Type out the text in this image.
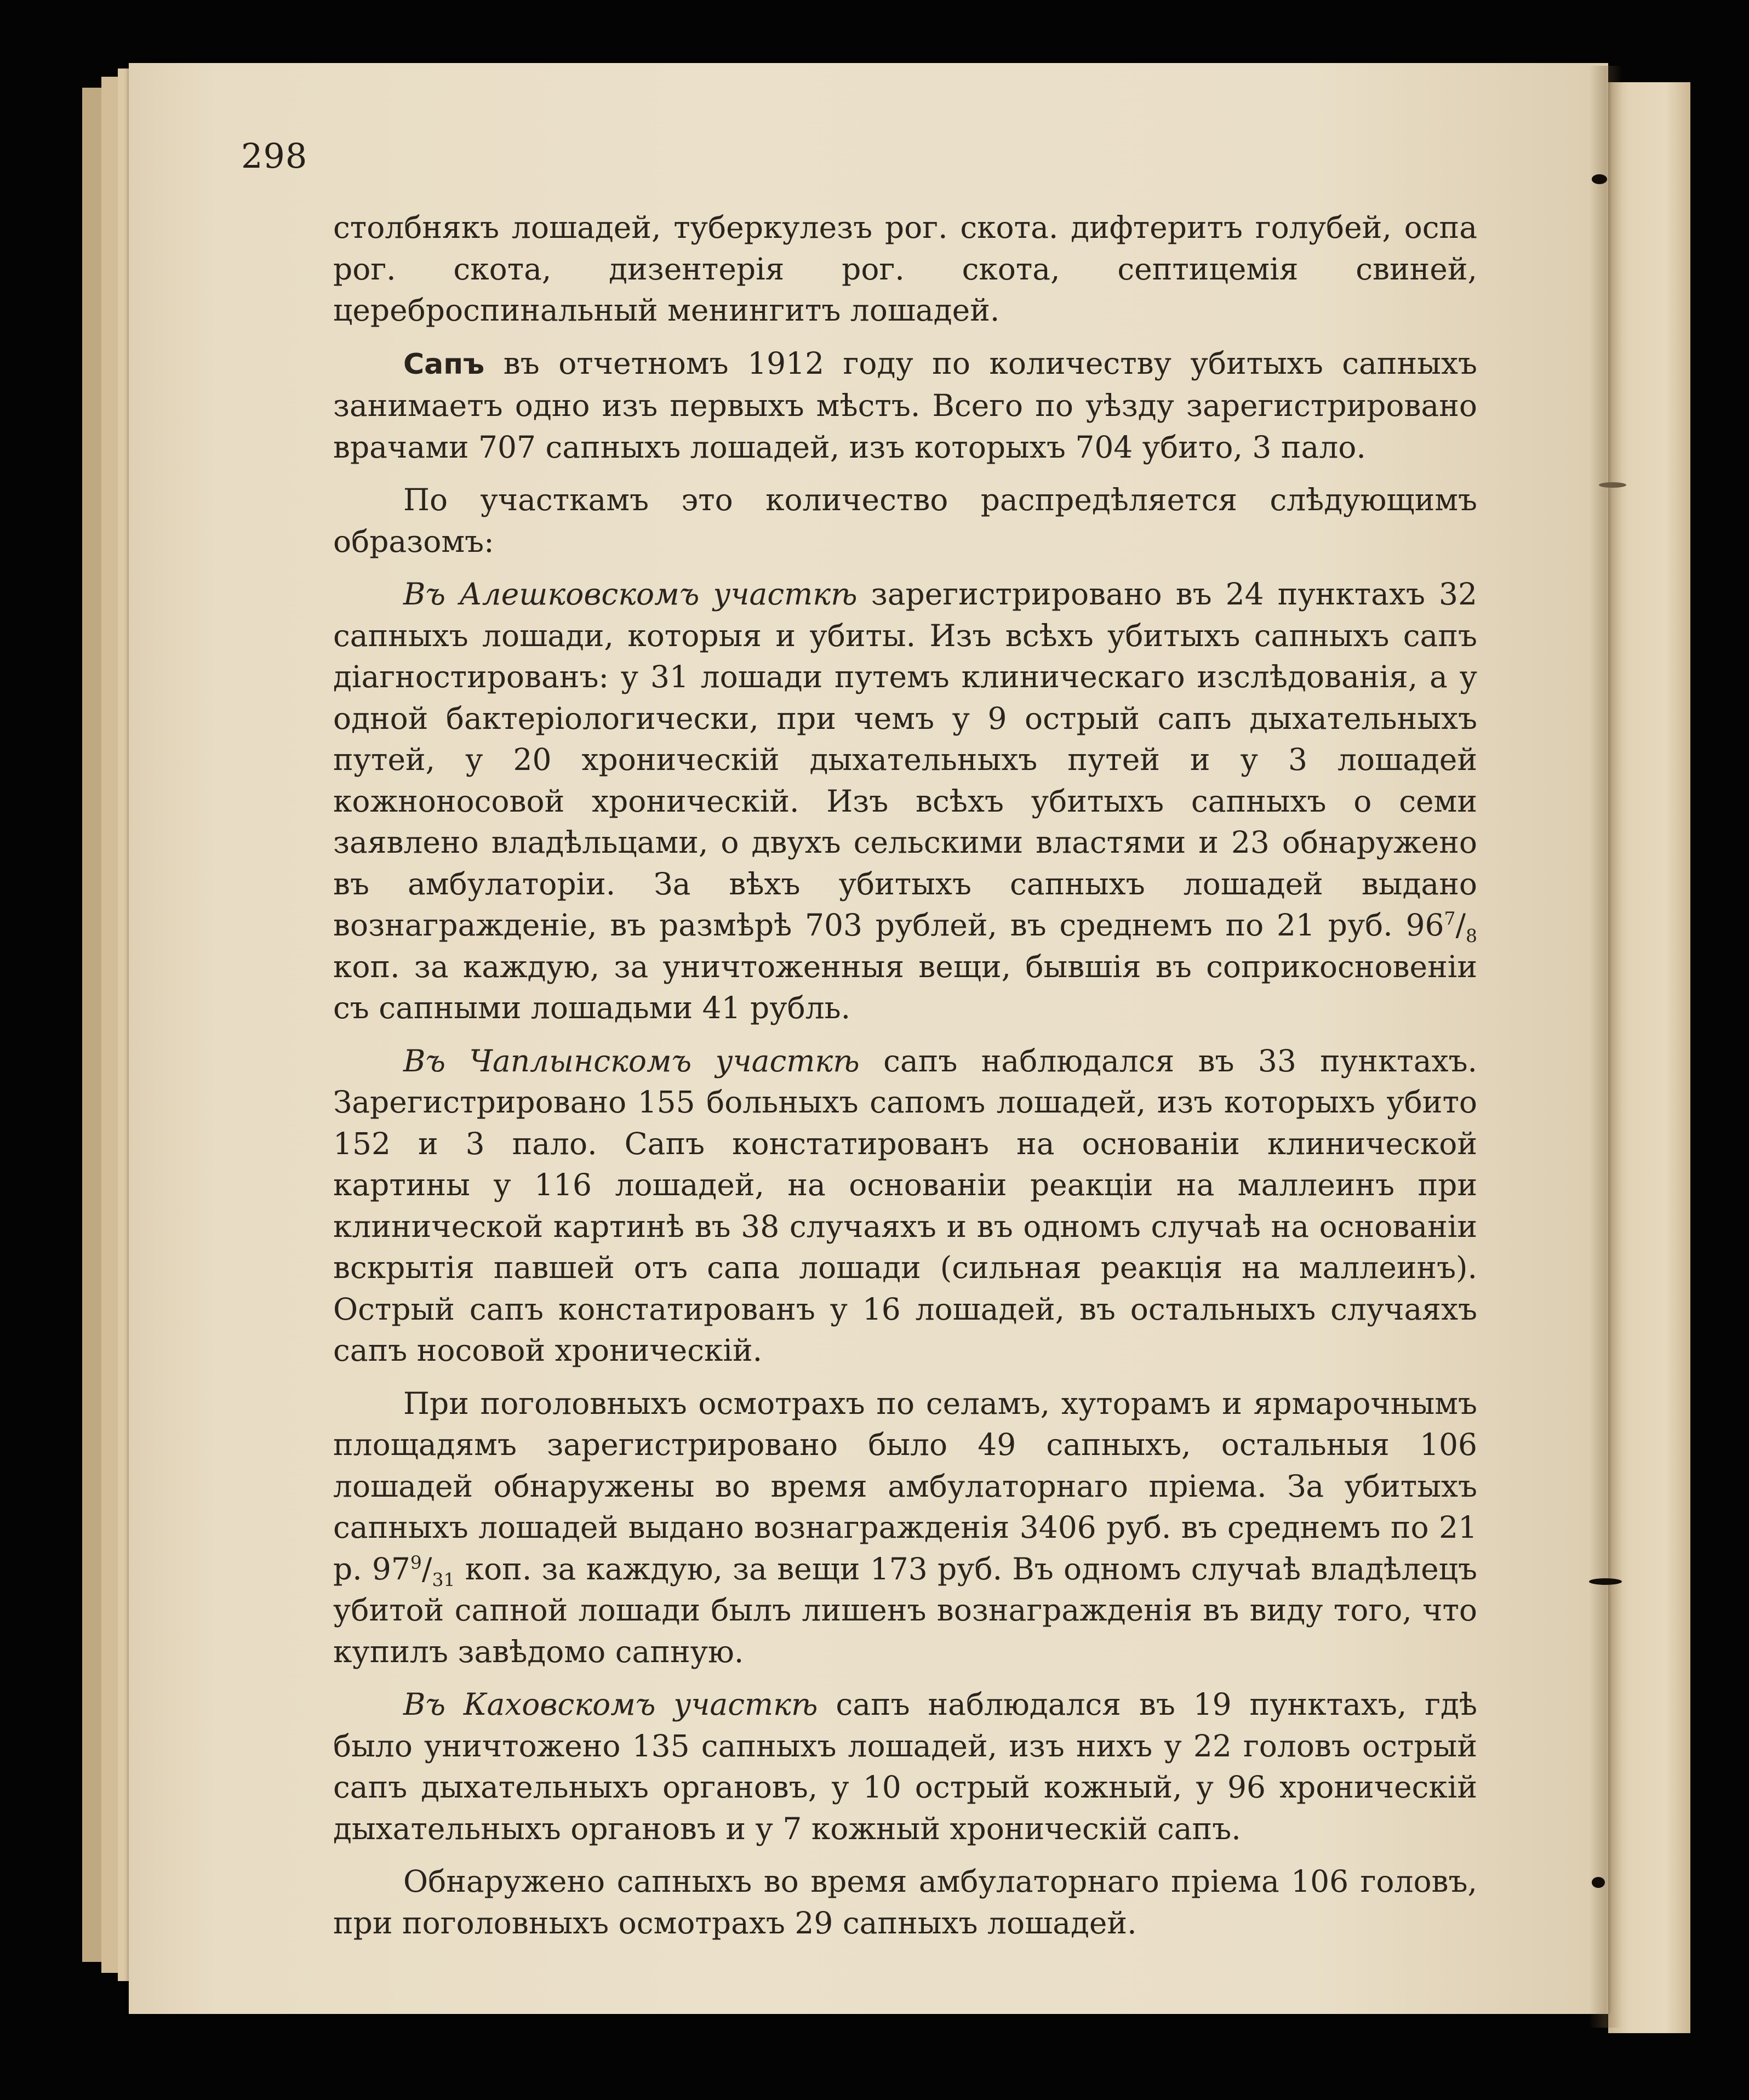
298

столбнякъ лошадей, туберкулезъ рог. скота. дифтеритъ голубей, оспа рог. скота, дизентерія рог. скота, септицемія свиней, цереброспинальный менингитъ лошадей.

Сапъ въ отчетномъ 1912 году по количеству убитыхъ сапныхъ занимаетъ одно изъ первыхъ мѣстъ. Всего по уѣзду зарегистрировано врачами 707 сапныхъ лошадей, изъ которыхъ 704 убито, 3 пало.

По участкамъ это количество распредѣляется слѣдующимъ образомъ:

Въ Алешковскомъ участкѣ зарегистрировано въ 24 пунктахъ 32 сапныхъ лошади, которыя и убиты. Изъ всѣхъ убитыхъ сапныхъ сапъ діагностированъ: у 31 лошади путемъ клиническаго изслѣдованія, а у одной бактеріологически, при чемъ у 9 острый сапъ дыхательныхъ путей, у 20 хроническій дыхательныхъ путей и у 3 лошадей кожноносовой хроническій. Изъ всѣхъ убитыхъ сапныхъ о семи заявлено владѣльцами, о двухъ сельскими властями и 23 обнаружено въ амбулаторіи. За вѣхъ убитыхъ сапныхъ лошадей выдано вознагражденіе, въ размѣрѣ 703 рублей, въ среднемъ по 21 руб. $96^7/_8$ коп. за каждую, за уничтоженныя вещи, бывшія въ соприкосновеніи съ сапными лошадьми 41 рубль.

Въ Чаплынскомъ участкѣ сапъ наблюдался въ 33 пунктахъ. Зарегистрировано 155 больныхъ сапомъ лошадей, изъ которыхъ убито 152 и 3 пало. Сапъ констатированъ на основаніи клинической картины у 116 лошадей, на основаніи реакціи на маллеинъ при клинической картинѣ въ 38 случаяхъ и въ одномъ случаѣ на основаніи вскрытія павшей отъ сапа лошади (сильная реакція на маллеинъ). Острый сапъ констатированъ у 16 лошадей, въ остальныхъ случаяхъ сапъ носовой хроническій.

При поголовныхъ осмотрахъ по селамъ, хуторамъ и ярмарочнымъ площадямъ зарегистрировано было 49 сапныхъ, остальныя 106 лошадей обнаружены во время амбулаторнаго пріема. За убитыхъ сапныхъ лошадей выдано вознагражденія 3406 руб. въ среднемъ по 21 р. $97^9/_{31}$ коп. за каждую, за вещи 173 руб. Въ одномъ случаѣ владѣлецъ убитой сапной лошади былъ лишенъ вознагражденія въ виду того, что купилъ завѣдомо сапную.

Въ Каховскомъ участкѣ сапъ наблюдался въ 19 пунктахъ, гдѣ было уничтожено 135 сапныхъ лошадей, изъ нихъ у 22 головъ острый сапъ дыхательныхъ органовъ, у 10 острый кожный, у 96 хроническій дыхательныхъ органовъ и у 7 кожный хроническій сапъ.

Обнаружено сапныхъ во время амбулаторнаго пріема 106 головъ, при поголовныхъ осмотрахъ 29 сапныхъ лошадей.
